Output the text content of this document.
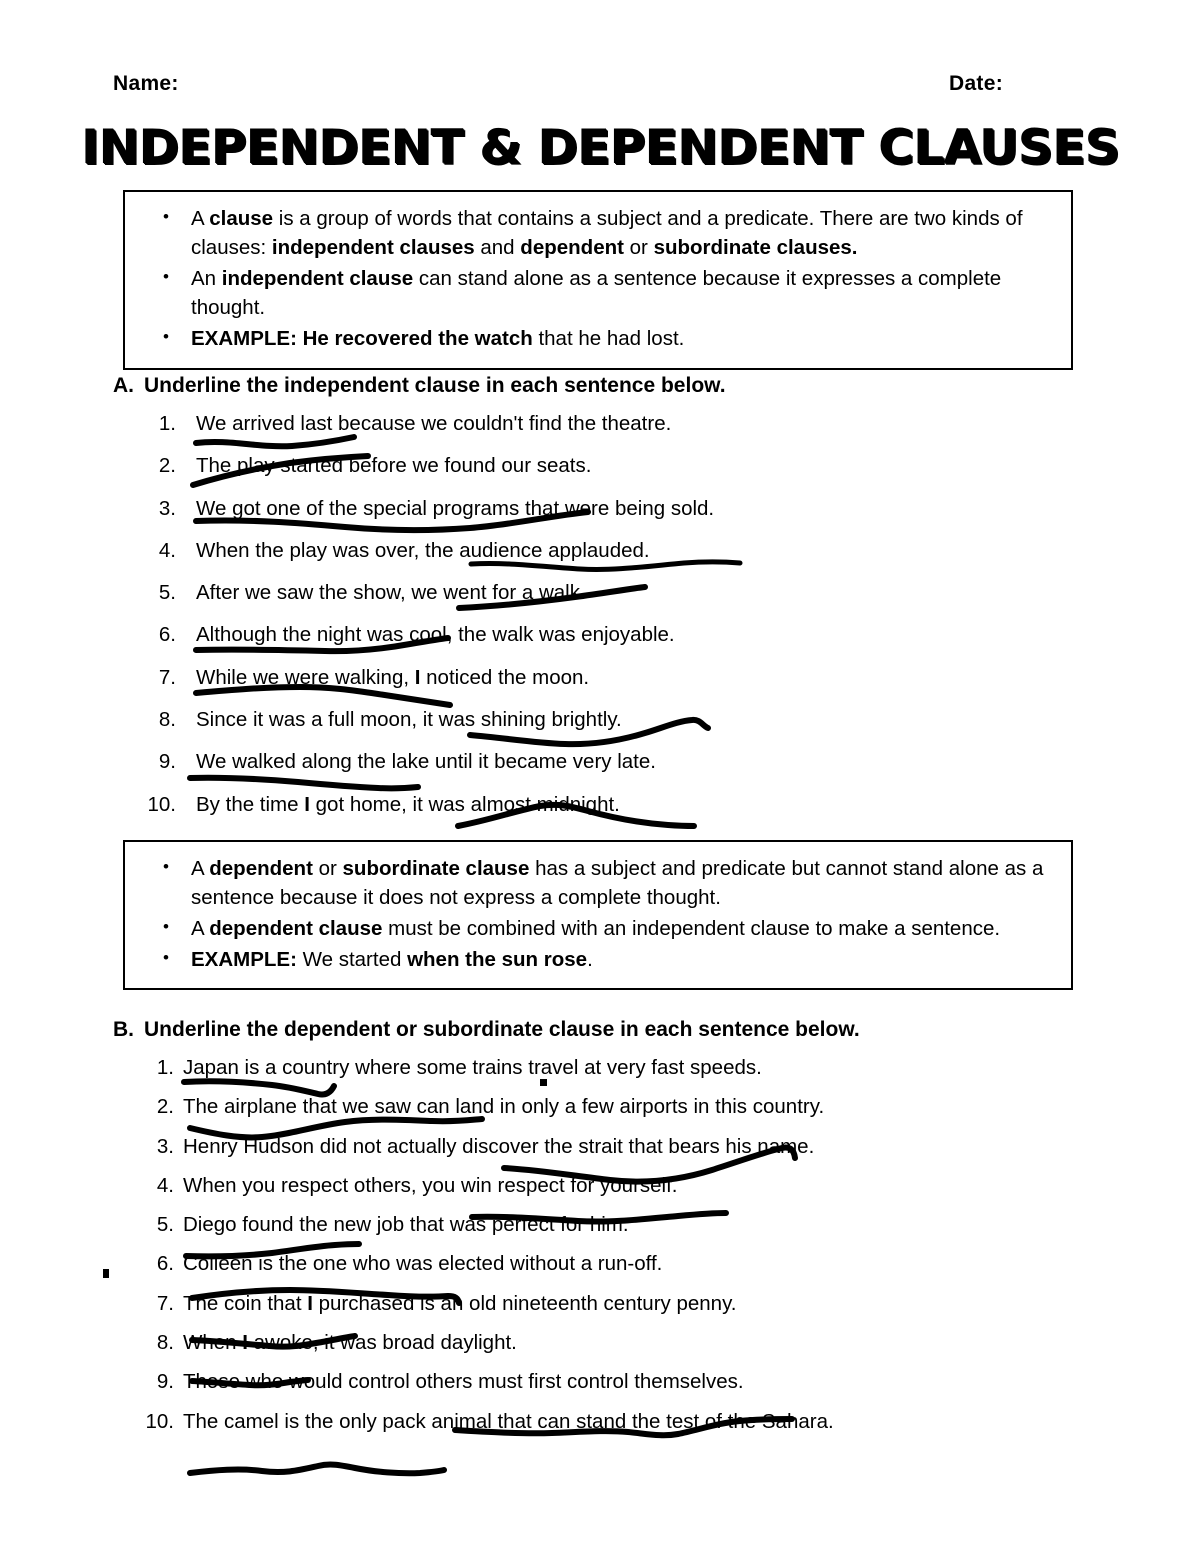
Name:	Date:
INDEPENDENT & DEPENDENT CLAUSES
• A clause is a group of words that contains a subject and a predicate. There are two kinds of clauses: independent clauses and dependent or subordinate clauses.
• An independent clause can stand alone as a sentence because it expresses a complete thought.
• EXAMPLE: He recovered the watch that he had lost.
A. Underline the independent clause in each sentence below.
1. We arrived last because we couldn't find the theatre.
2. The play started before we found our seats.
3. We got one of the special programs that were being sold.
4. When the play was over, the audience applauded.
5. After we saw the show, we went for a walk.
6. Although the night was cool, the walk was enjoyable.
7. While we were walking, I noticed the moon.
8. Since it was a full moon, it was shining brightly.
9. We walked along the lake until it became very late.
10. By the time I got home, it was almost midnight.
• A dependent or subordinate clause has a subject and predicate but cannot stand alone as a sentence because it does not express a complete thought.
• A dependent clause must be combined with an independent clause to make a sentence.
• EXAMPLE: We started when the sun rose.
B. Underline the dependent or subordinate clause in each sentence below.
1. Japan is a country where some trains travel at very fast speeds.
2. The airplane that we saw can land in only a few airports in this country.
3. Henry Hudson did not actually discover the strait that bears his name.
4. When you respect others, you win respect for yourself.
5. Diego found the new job that was perfect for him.
6. Colleen is the one who was elected without a run-off.
7. The coin that I purchased is an old nineteenth century penny.
8. When I awoke, it was broad daylight.
9. Those who would control others must first control themselves.
10. The camel is the only pack animal that can stand the test of the Sahara.
